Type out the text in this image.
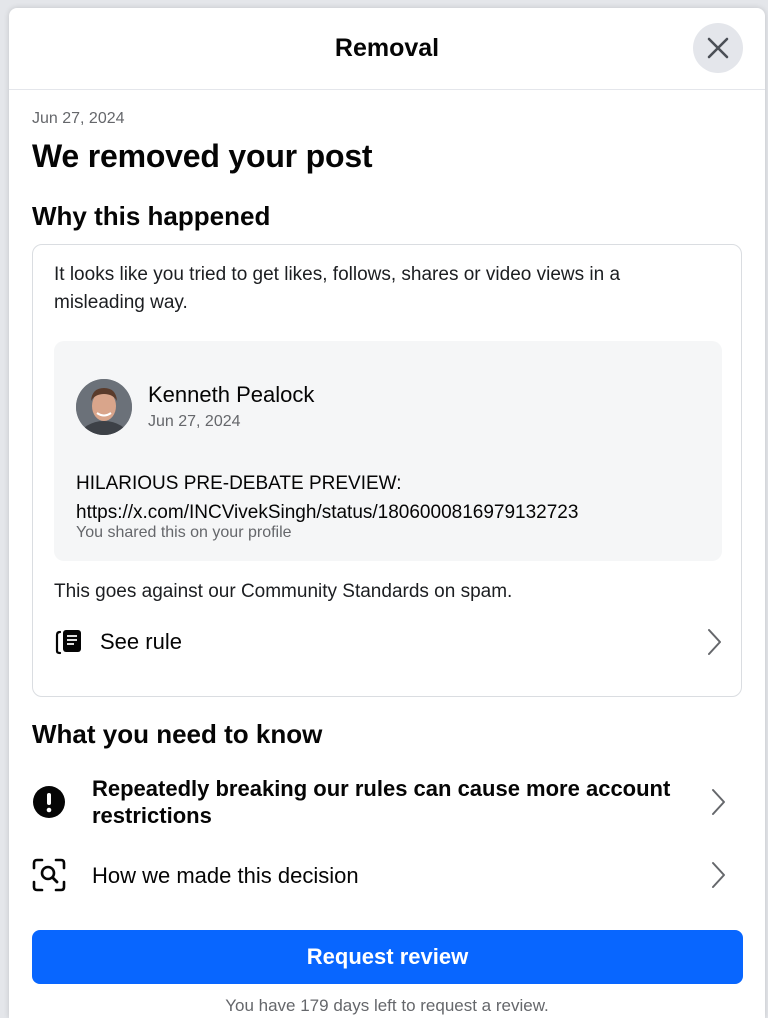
Removal
Jun 27, 2024
We removed your post
Why this happened
It looks like you tried to get likes, follows, shares or video views in a misleading way.
Kenneth Pealock
Jun 27, 2024
HILARIOUS PRE-DEBATE PREVIEW:
https://x.com/INCVivekSingh/status/1806000816979132723
You shared this on your profile
This goes against our Community Standards on spam.
See rule
What you need to know
Repeatedly breaking our rules can cause more account restrictions
How we made this decision
Request review
You have 179 days left to request a review.
